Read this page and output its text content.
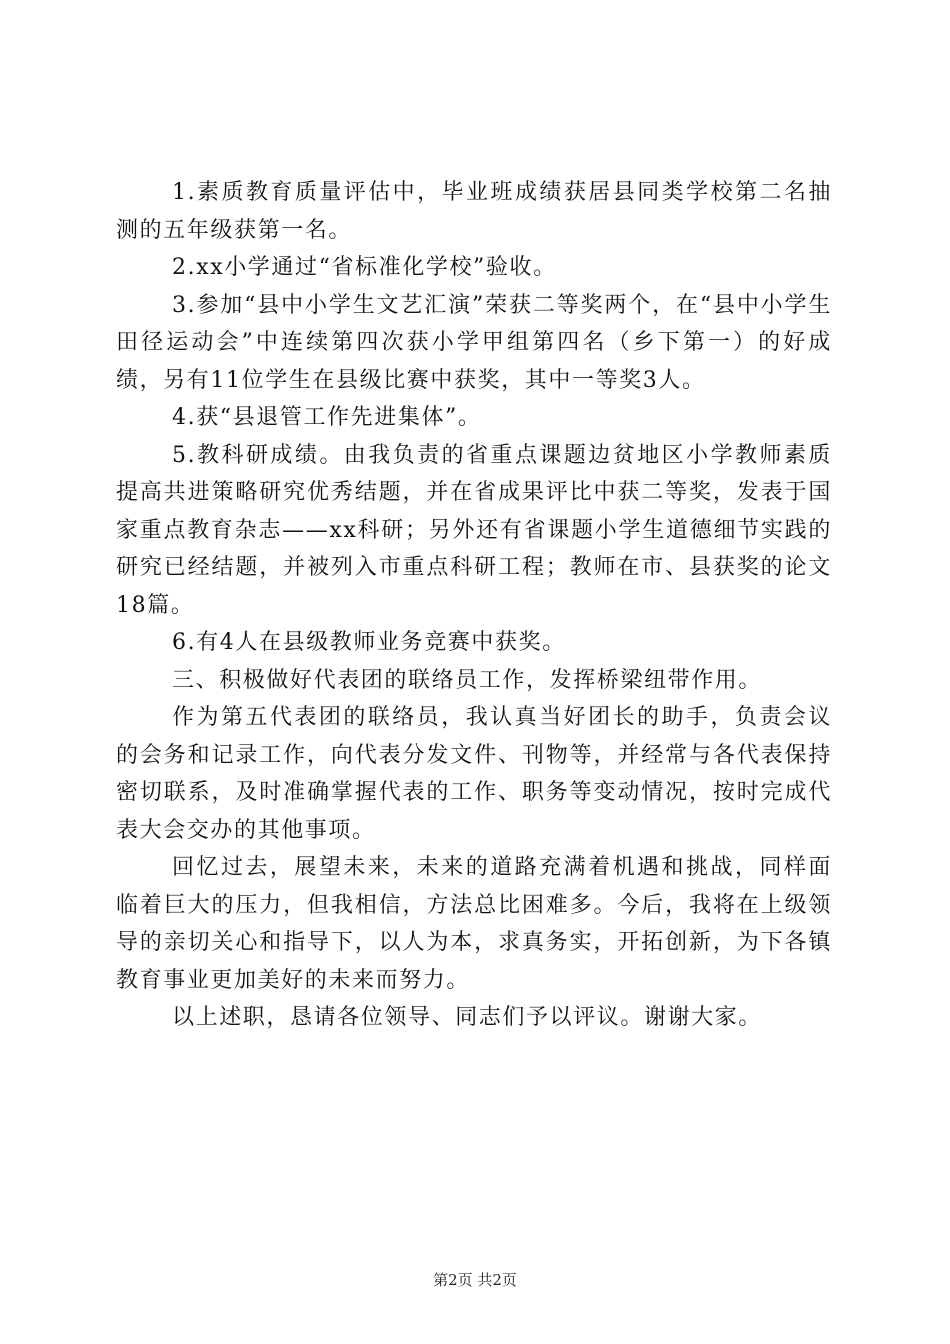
1.素质教育质量评估中，毕业班成绩获居县同类学校第二名抽测的五年级获第一名。

2.xx小学通过“省标准化学校”验收。

3.参加“县中小学生文艺汇演”荣获二等奖两个，在“县中小学生田径运动会”中连续第四次获小学甲组第四名（乡下第一）的好成绩，另有11位学生在县级比赛中获奖，其中一等奖3人。

4.获“县退管工作先进集体”。

5.教科研成绩。由我负责的省重点课题边贫地区小学教师素质提高共进策略研究优秀结题，并在省成果评比中获二等奖，发表于国家重点教育杂志——xx科研；另外还有省课题小学生道德细节实践的研究已经结题，并被列入市重点科研工程；教师在市、县获奖的论文18篇。

6.有4人在县级教师业务竞赛中获奖。

三、积极做好代表团的联络员工作，发挥桥梁纽带作用。

作为第五代表团的联络员，我认真当好团长的助手，负责会议的会务和记录工作，向代表分发文件、刊物等，并经常与各代表保持密切联系，及时准确掌握代表的工作、职务等变动情况，按时完成代表大会交办的其他事项。

回忆过去，展望未来，未来的道路充满着机遇和挑战，同样面临着巨大的压力，但我相信，方法总比困难多。今后，我将在上级领导的亲切关心和指导下，以人为本，求真务实，开拓创新，为下各镇教育事业更加美好的未来而努力。

以上述职，恳请各位领导、同志们予以评议。谢谢大家。

第2页 共2页
